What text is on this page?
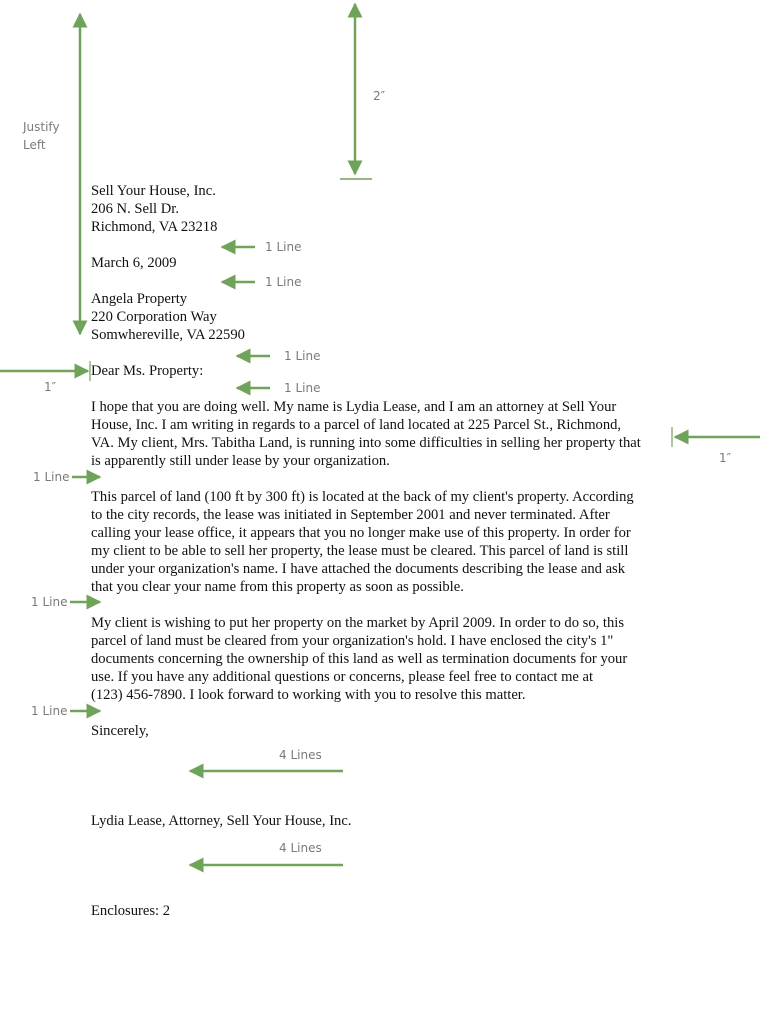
Justify
Left
2″
1″
1″
1 Line
1 Line
1 Line
1 Line
1 Line
1 Line
1 Line
4 Lines
4 Lines
Sell Your House, Inc.
206 N. Sell Dr.
Richmond, VA 23218
March 6, 2009
Angela Property
220 Corporation Way
Somwhereville, VA 22590
Dear Ms. Property:
I hope that you are doing well. My name is Lydia Lease, and I am an attorney at Sell Your
House, Inc. I am writing in regards to a parcel of land located at 225 Parcel St., Richmond,
VA. My client, Mrs. Tabitha Land, is running into some difficulties in selling her property that
is apparently still under lease by your organization.
This parcel of land (100 ft by 300 ft) is located at the back of my client's property. According
to the city records, the lease was initiated in September 2001 and never terminated. After
calling your lease office, it appears that you no longer make use of this property. In order for
my client to be able to sell her property, the lease must be cleared. This parcel of land is still
under your organization's name. I have attached the documents describing the lease and ask
that you clear your name from this property as soon as possible.
My client is wishing to put her property on the market by April 2009. In order to do so, this
parcel of land must be cleared from your organization's hold. I have enclosed the city's 1"
documents concerning the ownership of this land as well as termination documents for your
use. If you have any additional questions or concerns, please feel free to contact me at
(123) 456-7890. I look forward to working with you to resolve this matter.
Sincerely,
Lydia Lease, Attorney, Sell Your House, Inc.
Enclosures: 2
